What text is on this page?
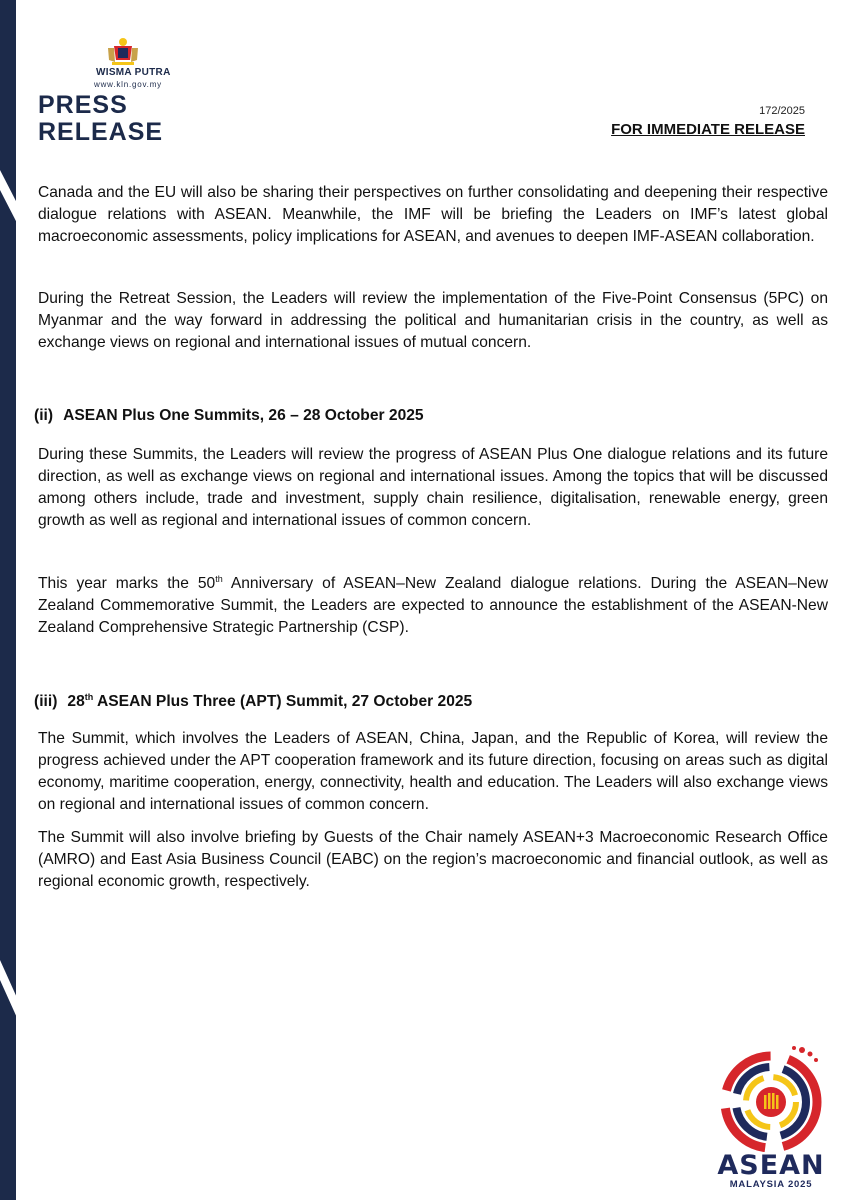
WISMA PUTRA
www.kln.gov.my
PRESS
RELEASE
172/2025
FOR IMMEDIATE RELEASE

Canada and the EU will also be sharing their perspectives on further consolidating and deepening their respective dialogue relations with ASEAN. Meanwhile, the IMF will be briefing the Leaders on IMF’s latest global macroeconomic assessments, policy implications for ASEAN, and avenues to deepen IMF-ASEAN collaboration.

During the Retreat Session, the Leaders will review the implementation of the Five-Point Consensus (5PC) on Myanmar and the way forward in addressing the political and humanitarian crisis in the country, as well as exchange views on regional and international issues of mutual concern.

(ii) ASEAN Plus One Summits, 26 – 28 October 2025

During these Summits, the Leaders will review the progress of ASEAN Plus One dialogue relations and its future direction, as well as exchange views on regional and international issues. Among the topics that will be discussed among others include, trade and investment, supply chain resilience, digitalisation, renewable energy, green growth as well as regional and international issues of common concern.

This year marks the 50th Anniversary of ASEAN–New Zealand dialogue relations. During the ASEAN–New Zealand Commemorative Summit, the Leaders are expected to announce the establishment of the ASEAN-New Zealand Comprehensive Strategic Partnership (CSP).

(iii) 28th ASEAN Plus Three (APT) Summit, 27 October 2025

The Summit, which involves the Leaders of ASEAN, China, Japan, and the Republic of Korea, will review the progress achieved under the APT cooperation framework and its future direction, focusing on areas such as digital economy, maritime cooperation, energy, connectivity, health and education. The Leaders will also exchange views on regional and international issues of common concern.

The Summit will also involve briefing by Guests of the Chair namely ASEAN+3 Macroeconomic Research Office (AMRO) and East Asia Business Council (EABC) on the region’s macroeconomic and financial outlook, as well as regional economic growth, respectively.

ASEAN
MALAYSIA 2025
